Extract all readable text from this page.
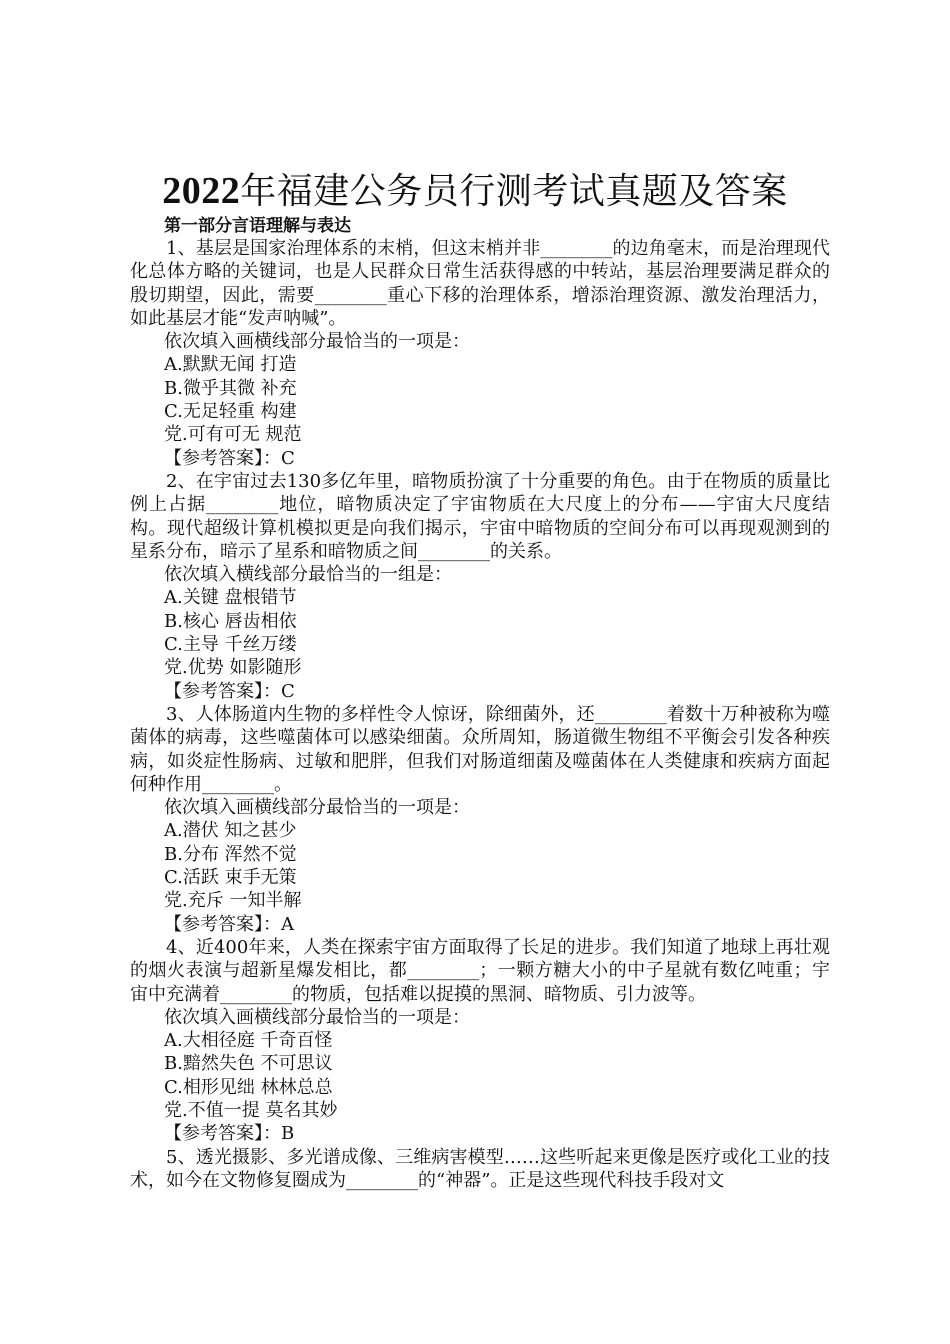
2022年福建公务员行测考试真题及答案
第一部分言语理解与表达

1、基层是国家治理体系的末梢，但这末梢并非________的边角毫末，而是治理现代化总体方略的关键词，也是人民群众日常生活获得感的中转站，基层治理要满足群众的殷切期望，因此，需要________重心下移的治理体系，增添治理资源、激发治理活力，如此基层才能“发声呐喊”。

依次填入画横线部分最恰当的一项是：

A.默默无闻 打造

B.微乎其微 补充

C.无足轻重 构建

党.可有可无 规范

【参考答案】：C

2、在宇宙过去130多亿年里，暗物质扮演了十分重要的角色。由于在物质的质量比例上占据________地位，暗物质决定了宇宙物质在大尺度上的分布——宇宙大尺度结构。现代超级计算机模拟更是向我们揭示，宇宙中暗物质的空间分布可以再现观测到的星系分布，暗示了星系和暗物质之间________的关系。

依次填入横线部分最恰当的一组是：

A.关键 盘根错节

B.核心 唇齿相依

C.主导 千丝万缕

党.优势 如影随形

【参考答案】：C

3、人体肠道内生物的多样性令人惊讶，除细菌外，还________着数十万种被称为噬菌体的病毒，这些噬菌体可以感染细菌。众所周知，肠道微生物组不平衡会引发各种疾病，如炎症性肠病、过敏和肥胖，但我们对肠道细菌及噬菌体在人类健康和疾病方面起何种作用________。

依次填入画横线部分最恰当的一项是：

A.潜伏 知之甚少

B.分布 浑然不觉

C.活跃 束手无策

党.充斥 一知半解

【参考答案】：A

4、近400年来，人类在探索宇宙方面取得了长足的进步。我们知道了地球上再壮观的烟火表演与超新星爆发相比，都________；一颗方糖大小的中子星就有数亿吨重；宇宙中充满着________的物质，包括难以捉摸的黑洞、暗物质、引力波等。

依次填入画横线部分最恰当的一项是：

A.大相径庭 千奇百怪

B.黯然失色 不可思议

C.相形见绌 林林总总

党.不值一提 莫名其妙

【参考答案】：B

5、透光摄影、多光谱成像、三维病害模型……这些听起来更像是医疗或化工业的技术，如今在文物修复圈成为________的“神器”。正是这些现代科技手段对文
